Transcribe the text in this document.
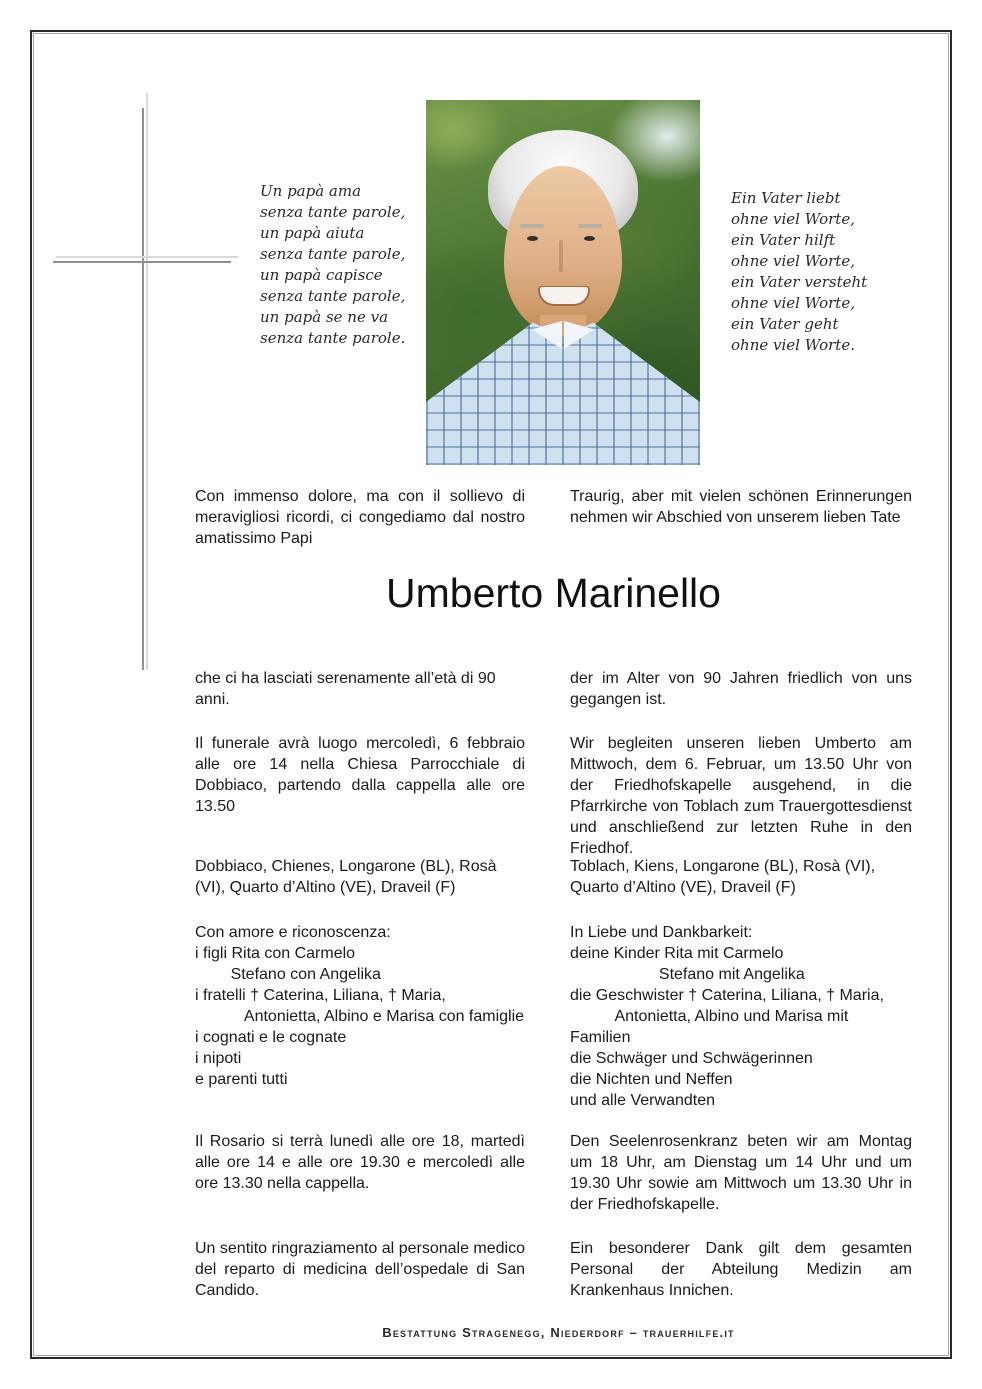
Un papà ama
senza tante parole,
un papà aiuta
senza tante parole,
un papà capisce
senza tante parole,
un papà se ne va
senza tante parole.
Ein Vater liebt
ohne viel Worte,
ein Vater hilft
ohne viel Worte,
ein Vater versteht
ohne viel Worte,
ein Vater geht
ohne viel Worte.
Con immenso dolore, ma con il sollievo di meravigliosi ricordi, ci congediamo dal nostro amatissimo Papi
Traurig, aber mit vielen schönen Erinnerungen nehmen wir Abschied von unserem lieben Tate
Umberto Marinello
che ci ha lasciati serenamente all’età di 90 anni.
der im Alter von 90 Jahren friedlich von uns gegangen ist.
Il funerale avrà luogo mercoledì, 6 febbraio alle ore 14 nella Chiesa Parrocchiale di Dobbiaco, partendo dalla cappella alle ore 13.50
Wir begleiten unseren lieben Umberto am Mittwoch, dem 6. Februar, um 13.50 Uhr von der Friedhofskapelle ausgehend, in die Pfarrkirche von Toblach zum Trauergottesdienst und anschließend zur letzten Ruhe in den Friedhof.
Dobbiaco, Chienes, Longarone (BL), Rosà (VI), Quarto d’Altino (VE), Draveil (F)
Toblach, Kiens, Longarone (BL), Rosà (VI), Quarto d’Altino (VE), Draveil (F)
Con amore e riconoscenza:
i figli Rita con Carmelo
Stefano con Angelika
i fratelli † Caterina, Liliana, † Maria,
Antonietta, Albino e Marisa con famiglie
i cognati e le cognate
i nipoti
e parenti tutti
In Liebe und Dankbarkeit:
deine Kinder Rita mit Carmelo
Stefano mit Angelika
die Geschwister † Caterina, Liliana, † Maria,
Antonietta, Albino und Marisa mit Familien
die Schwäger und Schwägerinnen
die Nichten und Neffen
und alle Verwandten
Il Rosario si terrà lunedì alle ore 18, martedì alle ore 14 e alle ore 19.30 e mercoledì alle ore 13.30 nella cappella.
Den Seelenrosenkranz beten wir am Montag um 18 Uhr, am Dienstag um 14 Uhr und um 19.30 Uhr sowie am Mittwoch um 13.30 Uhr in der Friedhofskapelle.
Un sentito ringraziamento al personale medico del reparto di medicina dell’ospedale di San Candido.
Ein besonderer Dank gilt dem gesamten Personal der Abteilung Medizin am Krankenhaus Innichen.
Bestattung Stragenegg, Niederdorf – trauerhilfe.it
